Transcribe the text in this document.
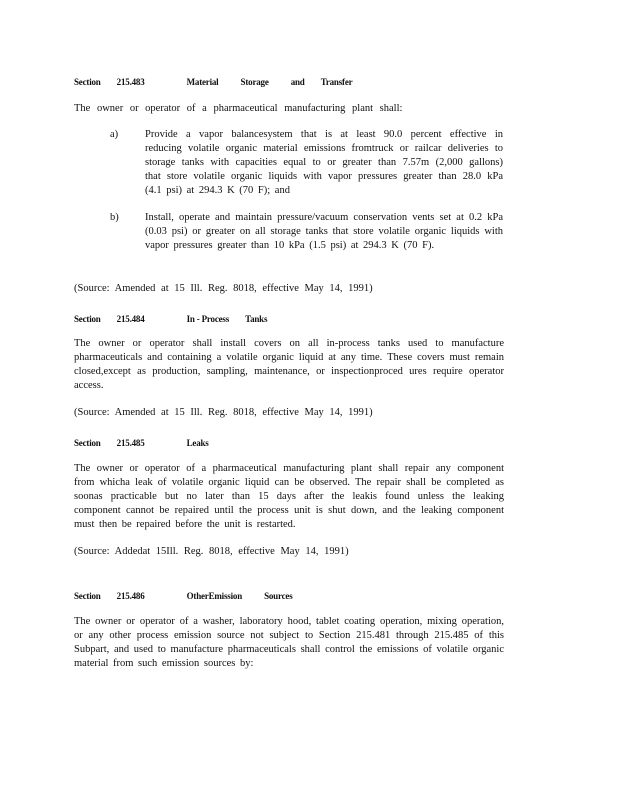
Section 215.483	Material Storage and Transfer
The owner or operator of a pharmaceutical manufacturing plant shall:
a)	Provide a vapor balancesystem that is at least 90.0 percent effective in reducing volatile organic material emissions fromtruck or railcar deliveries to storage tanks with capacities equal to or greater than 7.57m (2,000 gallons) that store volatile organic liquids with vapor pressures greater than 28.0 kPa (4.1 psi) at 294.3 K (70 F); and
b)	Install, operate and maintain pressure/vacuum conservation vents set at 0.2 kPa (0.03 psi) or greater on all storage tanks that store volatile organic liquids with vapor pressures greater than 10 kPa (1.5 psi) at 294.3 K (70 F).
(Source: Amended at 15 Ill. Reg. 8018, effective May 14, 1991)
Section 215.484	In - Process Tanks
The owner or operator shall install covers on all in-process tanks used to manufacture pharmaceuticals and containing a volatile organic liquid at any time. These covers must remain closed,except as production, sampling, maintenance, or inspectionproced ures require operator access.
(Source: Amended at 15 Ill. Reg. 8018, effective May 14, 1991)
Section 215.485	Leaks
The owner or operator of a pharmaceutical manufacturing plant shall repair any component from whicha leak of volatile organic liquid can be observed. The repair shall be completed as soonas practicable but no later than 15 days after the leakis found unless the leaking component cannot be repaired until the process unit is shut down, and the leaking component must then be repaired before the unit is restarted.
(Source: Addedat 15Ill. Reg. 8018, effective May 14, 1991)
Section 215.486	OtherEmission Sources
The owner or operator of a washer, laboratory hood, tablet coating operation, mixing operation, or any other process emission source not subject to Section 215.481 through 215.485 of this Subpart, and used to manufacture pharmaceuticals shall control the emissions of volatile organic material from such emission sources by:
